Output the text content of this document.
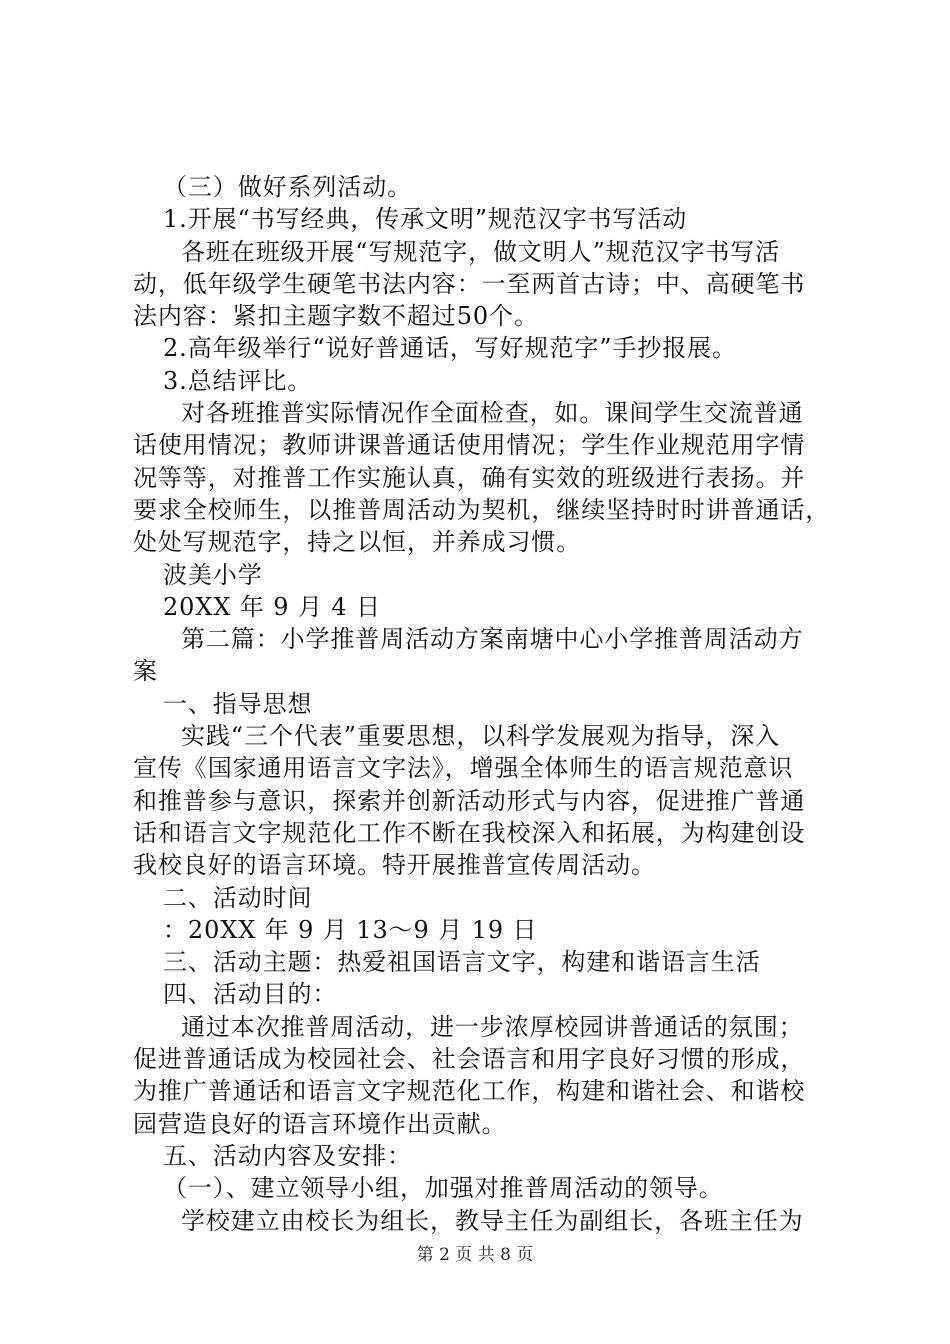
（三）做好系列活动。
1.开展“书写经典，传承文明”规范汉字书写活动
各班在班级开展“写规范字，做文明人”规范汉字书写活
动，低年级学生硬笔书法内容：一至两首古诗；中、高硬笔书
法内容：紧扣主题字数不超过50个。
2.高年级举行“说好普通话，写好规范字”手抄报展。
3.总结评比。
对各班推普实际情况作全面检查，如。课间学生交流普通
话使用情况；教师讲课普通话使用情况；学生作业规范用字情
况等等，对推普工作实施认真，确有实效的班级进行表扬。并
要求全校师生，以推普周活动为契机，继续坚持时时讲普通话，
处处写规范字，持之以恒，并养成习惯。
波美小学
20XX 年 9 月 4 日
第二篇：小学推普周活动方案南塘中心小学推普周活动方
案
一、指导思想
实践“三个代表”重要思想，以科学发展观为指导，深入
宣传《国家通用语言文字法》，增强全体师生的语言规范意识
和推普参与意识，探索并创新活动形式与内容，促进推广普通
话和语言文字规范化工作不断在我校深入和拓展，为构建创设
我校良好的语言环境。特开展推普宣传周活动。
二、活动时间
：20XX 年 9 月 13～9 月 19 日
三、活动主题：热爱祖国语言文字，构建和谐语言生活
四、活动目的：
通过本次推普周活动，进一步浓厚校园讲普通话的氛围；
促进普通话成为校园社会、社会语言和用字良好习惯的形成，
为推广普通话和语言文字规范化工作，构建和谐社会、和谐校
园营造良好的语言环境作出贡献。
五、活动内容及安排：
（一）、建立领导小组，加强对推普周活动的领导。
学校建立由校长为组长，教导主任为副组长，各班主任为
第 2 页 共 8 页
